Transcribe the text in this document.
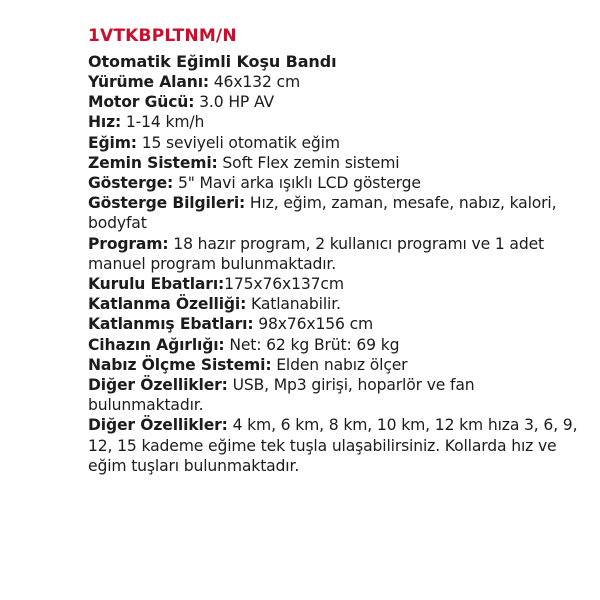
1VTKBPLTNM/N
Otomatik Eğimli Koşu Bandı
Yürüme Alanı: 46x132 cm
Motor Gücü: 3.0 HP AV
Hız: 1-14 km/h
Eğim: 15 seviyeli otomatik eğim
Zemin Sistemi: Soft Flex zemin sistemi
Gösterge: 5" Mavi arka ışıklı LCD gösterge
Gösterge Bilgileri: Hız, eğim, zaman, mesafe, nabız, kalori, bodyfat
Program: 18 hazır program, 2 kullanıcı programı ve 1 adet manuel program bulunmaktadır.
Kurulu Ebatları:175x76x137cm
Katlanma Özelliği: Katlanabilir.
Katlanmış Ebatları: 98x76x156 cm
Cihazın Ağırlığı: Net: 62 kg Brüt: 69 kg
Nabız Ölçme Sistemi: Elden nabız ölçer
Diğer Özellikler: USB, Mp3 girişi, hoparlör ve fan bulunmaktadır.
Diğer Özellikler: 4 km, 6 km, 8 km, 10 km, 12 km hıza 3, 6, 9, 12, 15 kademe eğime tek tuşla ulaşabilirsiniz. Kollarda hız ve eğim tuşları bulunmaktadır.
